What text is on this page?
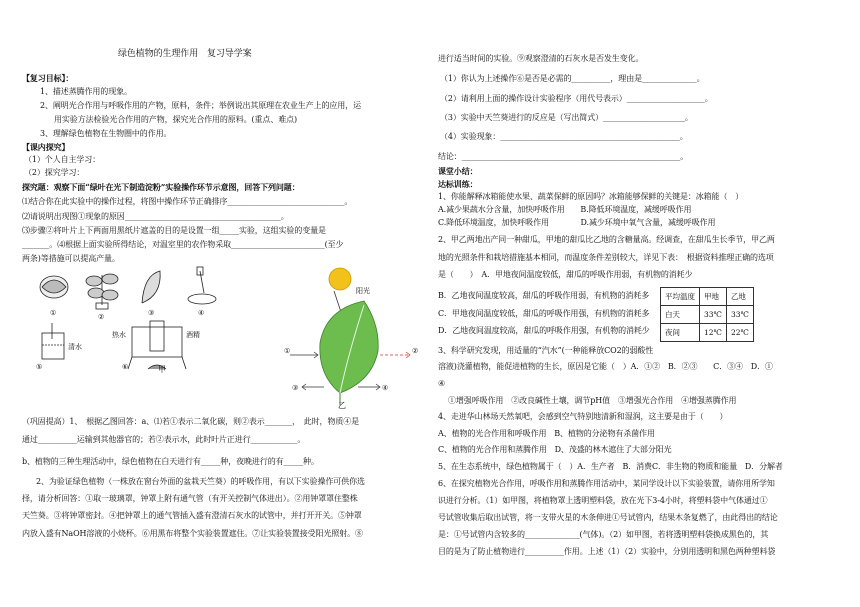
绿色植物的生理作用　复习导学案
【复习目标】：
1、描述蒸腾作用的现象。
2、阐明光合作用与呼吸作用的产物，原料，条件；举例说出其原理在农业生产上的应用，运
用实验方法检验光合作用的产物，探究光合作用的原料。(重点、难点)
3、理解绿色植物在生物圈中的作用。
【课内探究】
（1）个人自主学习：
（2）探究学习：
探究题：观察下面“绿叶在光下制造淀粉”实验操作环节示意图，回答下列问题：
⑴结合你在此实验中的操作过程，将图中操作环节正确排序______________________________。
⑵请说明出现图①现象的原因________________________________________。
⑶步骤②将叶片上下两面用黑纸片遮盖的目的是设置一组_____实验，这组实验的变量是
_______。⑷根据上面实验所得结论，对温室里的农作物采取________________________(至少
两条)等措施可以提高产量。
①	②	③	④
⑤	⑥
清水
热水	酒精
甲
阳光
①	②
③	④
乙
（巩固提高）1、　根据乙图回答：a、⑴若①表示二氧化碳，则②表示_______，　此时，物质④是
通过__________运输到其他器官的；若②表示水，此时叶片正进行____________。
b、植物的三种生理活动中，绿色植物在白天进行有_____种，夜晚进行的有_____种。
2、为验证绿色植物（一株放在窗台外面的盆栽天竺葵）的呼吸作用，有以下实验操作可供你选
择，请分析回答：①取一玻璃罩，钟罩上附有通气管（有开关控制气体进出）。②用钟罩罩住整株
天竺葵。③将钟罩密封。④把钟罩上的通气管插入盛有澄清石灰水的试管中，并打开开关。⑤钟罩
内放入盛有NaOH溶液的小烧杯。⑥用黑布将整个实验装置遮住。⑦让实验装置接受阳光照射。⑧
进行适当时间的实验。⑨观察澄清的石灰水是否发生变化。
（1）你认为上述操作⑥是否是必需的__________，理由是______________。
（2）请利用上面的操作设计实验程序（用代号表示）____________________。
（3）实验中天竺葵进行的反应是（写出简式）_____________________。
（4）实验现象：______________________________________________。
结论：________________________________________________________。
课堂小结：
达标训练：
1、你能解释冰箱能使水果、蔬菜保鲜的原因吗？冰箱能够保鲜的关键是：冰箱能（　）
A.减少果蔬水分含量，加快呼吸作用　　B.降低环境温度，减缓呼吸作用
C.降低环境温度，加快呼吸作用　　　　D.减少环境中氧气含量，减缓呼吸作用
2、甲乙两地出产同一种甜瓜，甲地的甜瓜比乙地的含糖量高。经调查，在甜瓜生长季节，甲乙两
地的光照条件和栽培措施基本相同，而温度条件差别较大，详见下表：　根据资料推理正确的选项
是（　　）　A．甲地夜间温度较低，甜瓜的呼吸作用弱，有机物的消耗少
B．乙地夜间温度较高，甜瓜的呼吸作用弱，有机物的消耗多
C．甲地夜间温度较低，甜瓜的呼吸作用强，有机物的消耗多
D．乙地夜间温度较高，甜瓜的呼吸作用强，有机物的消耗少
平均温度	甲地	乙地
白天	33℃	33℃
夜间	12℃	22℃
3、科学研究发现，用适量的“汽水”(一种能释放CO2的弱酸性
溶液)浇灌植物，能促进植物的生长，原因是它能（　）A．①②　B．②③　　C．③④　D．①
④
①增强呼吸作用　②改良碱性土壤，调节pH值　③增强光合作用　④增强蒸腾作用
4、走进华山林场天然氧吧，会感到空气特别地清新和湿润，这主要是由于（　　）
A、植物的光合作用和呼吸作用　B、植物的分泌物有杀菌作用
C、植物的光合作用和蒸腾作用　D、茂盛的林木遮住了大部分阳光
5、在生态系统中，绿色植物属于（　）A．生产者　B．消费C．非生物的物质和能量　D．分解者
6、在探究植物光合作用，呼吸作用和蒸腾作用活动中，某同学设计以下实验装置，请你用所学知
识进行分析。（1）如甲图，将植物罩上透明塑料袋，放在光下3-4小时，将塑料袋中气体通过①
号试管收集后取出试管，将一支带火星的木条伸进①号试管内，结果木条复燃了，由此得出的结论
是：①号试管内含较多的______________(气体)。（2）如甲图，若将透明塑料袋换成黑色的，其
目的是为了防止植物进行__________作用。上述（1）（2）实验中，分别用透明和黑色两种塑料袋
